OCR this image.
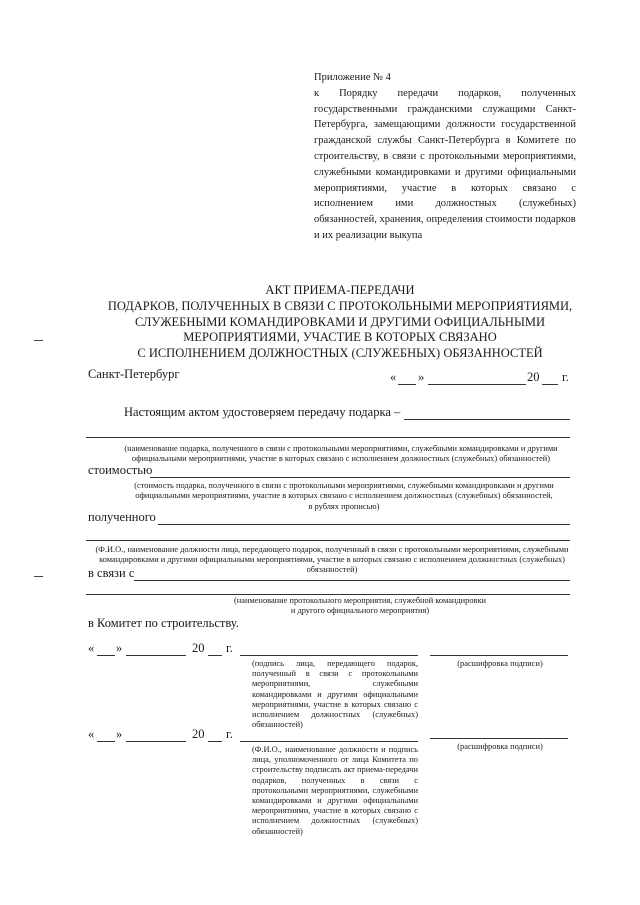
Приложение № 4
к Порядку передачи подарков, полученных государственными гражданскими служащими Санкт-Петербурга, замещающими должности государственной гражданской службы Санкт-Петербурга в Комитете по строительству, в связи с протокольными мероприятиями, служебными командировками и другими официальными мероприятиями, участие в которых связано с исполнением ими должностных (служебных) обязанностей, хранения, определения стоимости подарков
и их реализации выкупа
АКТ ПРИЕМА-ПЕРЕДАЧИ
ПОДАРКОВ, ПОЛУЧЕННЫХ В СВЯЗИ С ПРОТОКОЛЬНЫМИ МЕРОПРИЯТИЯМИ,
СЛУЖЕБНЫМИ КОМАНДИРОВКАМИ И ДРУГИМИ ОФИЦИАЛЬНЫМИ
МЕРОПРИЯТИЯМИ, УЧАСТИЕ В КОТОРЫХ СВЯЗАНО
С ИСПОЛНЕНИЕМ ДОЛЖНОСТНЫХ (СЛУЖЕБНЫХ) ОБЯЗАННОСТЕЙ
Санкт-Петербург	« »	20 г.
Настоящим актом удостоверяем передачу подарка –
(наименование подарка, полученного в связи с протокольными мероприятиями, служебными командировками и другими официальными мероприятиями, участие в которых связано с исполнением должностных (служебных) обязанностей)
стоимостью
(стоимость подарка, полученного в связи с протокольными мероприятиями, служебными командировками и другими официальными мероприятиями, участие в которых связано с исполнением должностных (служебных) обязанностей,
в рублях прописью)
полученного
(Ф.И.О., наименование должности лица, передающего подарок, полученный в связи с протокольными мероприятиями, служебными командировками и другими официальными мероприятиями, участие в которых связано с исполнением должностных (служебных) обязанностей)
в связи с
(наименование протокольного мероприятия, служебной командировки
и другого официального мероприятия)
в Комитет по строительству.
« »	20 г.
(подпись лица, передающего подарок, полученный в связи с протокольными мероприятиями, служебными командировками и другими официальными мероприятиями, участие в которых связано с исполнением должностных (служебных) обязанностей)
(расшифровка подписи)
« »	20 г.
(Ф.И.О., наименование должности и подпись лица, уполномоченного от лица Комитета по строительству подписать акт приема-передачи подарков, полученных в связи с протокольными мероприятиями, служебными командировками и другими официальными мероприятиями, участие в которых связано с исполнением должностных (служебных) обязанностей)
(расшифровка подписи)
